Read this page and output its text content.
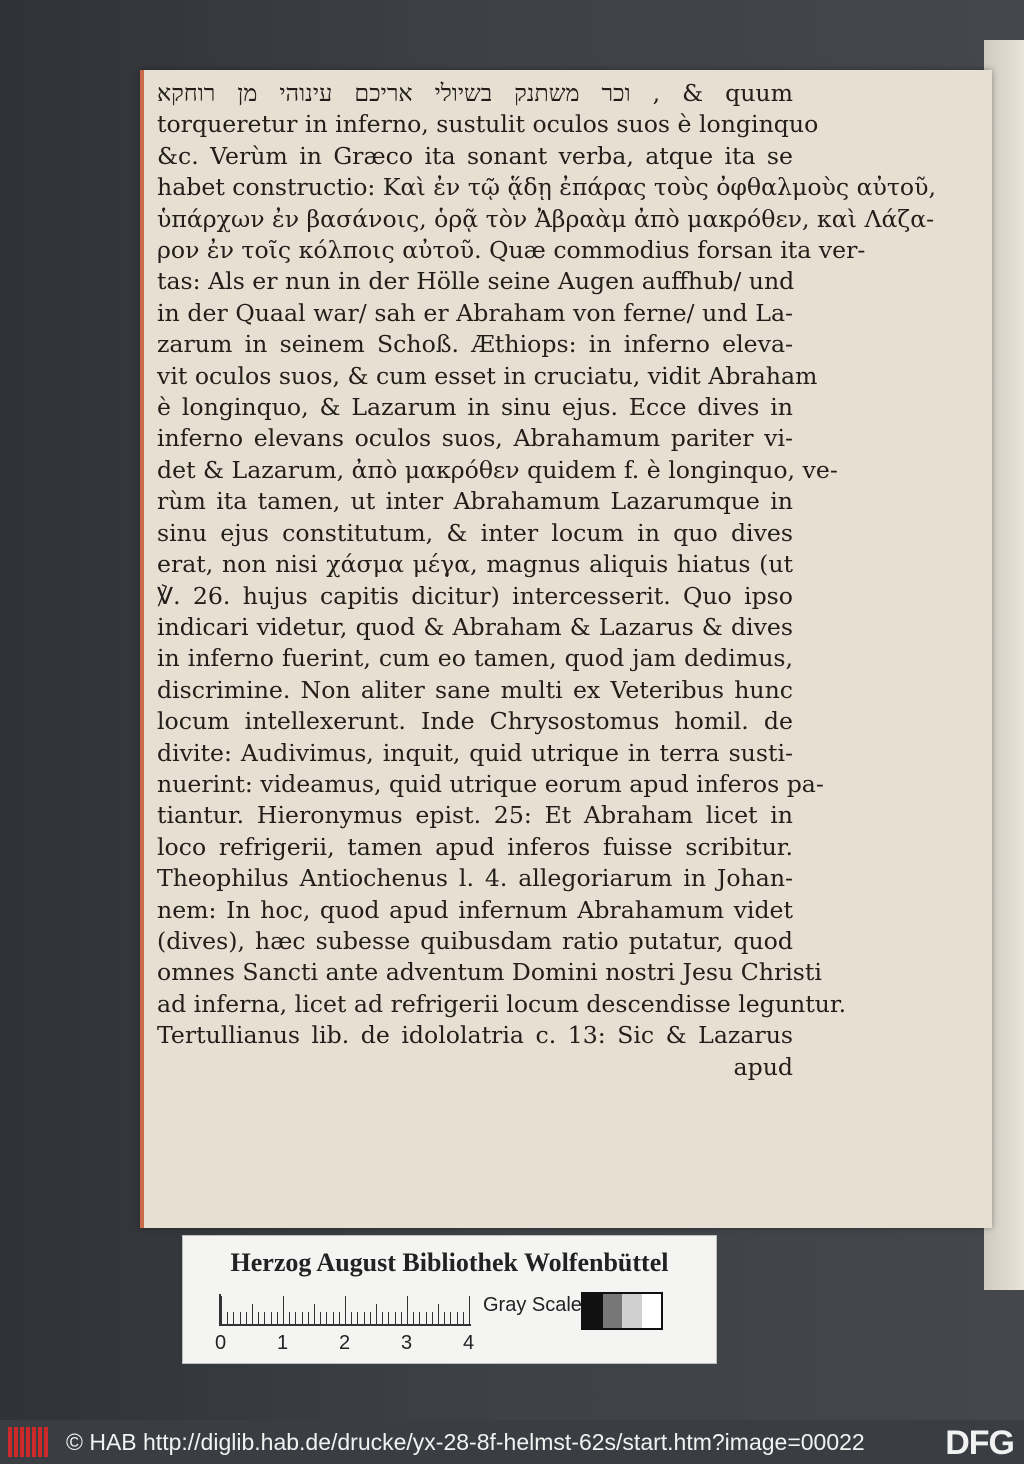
וכר משתנק בשיולי אריכם עינוהי מן רוחקא , & quum
torqueretur in inferno, sustulit oculos suos è longinquo
&c. Verùm in Græco ita sonant verba, atque ita se
habet constructio: Καὶ ἐν τῷ ᾅδῃ ἐπάρας τοὺς ὀφθαλμοὺς αὐτοῦ,
ὑπάρχων ἐν βασάνοις, ὁρᾷ τὸν Ἀβραὰμ ἀπὸ μακρόθεν, καὶ Λάζα-
ρον ἐν τοῖς κόλποις αὐτοῦ. Quæ commodius forsan ita ver-
tas: Als er nun in der Hölle seine Augen auffhub/ und
in der Quaal war/ sah er Abraham von ferne/ und La-
zarum in seinem Schoß. Æthiops: in inferno eleva-
vit oculos suos, & cum esset in cruciatu, vidit Abraham
è longinquo, & Lazarum in sinu ejus. Ecce dives in
inferno elevans oculos suos, Abrahamum pariter vi-
det & Lazarum, ἀπὸ μακρόθεν quidem f. è longinquo, ve-
rùm ita tamen, ut inter Abrahamum Lazarumque in
sinu ejus constitutum, & inter locum in quo dives
erat, non nisi χάσμα μέγα, magnus aliquis hiatus (ut
℣. 26. hujus capitis dicitur) intercesserit. Quo ipso
indicari videtur, quod & Abraham & Lazarus & dives
in inferno fuerint, cum eo tamen, quod jam dedimus,
discrimine. Non aliter sane multi ex Veteribus hunc
locum intellexerunt. Inde Chrysostomus homil. de
divite: Audivimus, inquit, quid utrique in terra susti-
nuerint: videamus, quid utrique eorum apud inferos pa-
tiantur. Hieronymus epist. 25: Et Abraham licet in
loco refrigerii, tamen apud inferos fuisse scribitur.
Theophilus Antiochenus l. 4. allegoriarum in Johan-
nem: In hoc, quod apud infernum Abrahamum videt
(dives), hæc subesse quibusdam ratio putatur, quod
omnes Sancti ante adventum Domini nostri Jesu Christi
ad inferna, licet ad refrigerii locum descendisse leguntur.
Tertullianus lib. de idololatria c. 13: Sic & Lazarus
apud
Herzog August Bibliothek Wolfenbüttel
0	1	2	3	4
Gray Scale
© HAB http://diglib.hab.de/drucke/yx-28-8f-helmst-62s/start.htm?image=00022 DFG
